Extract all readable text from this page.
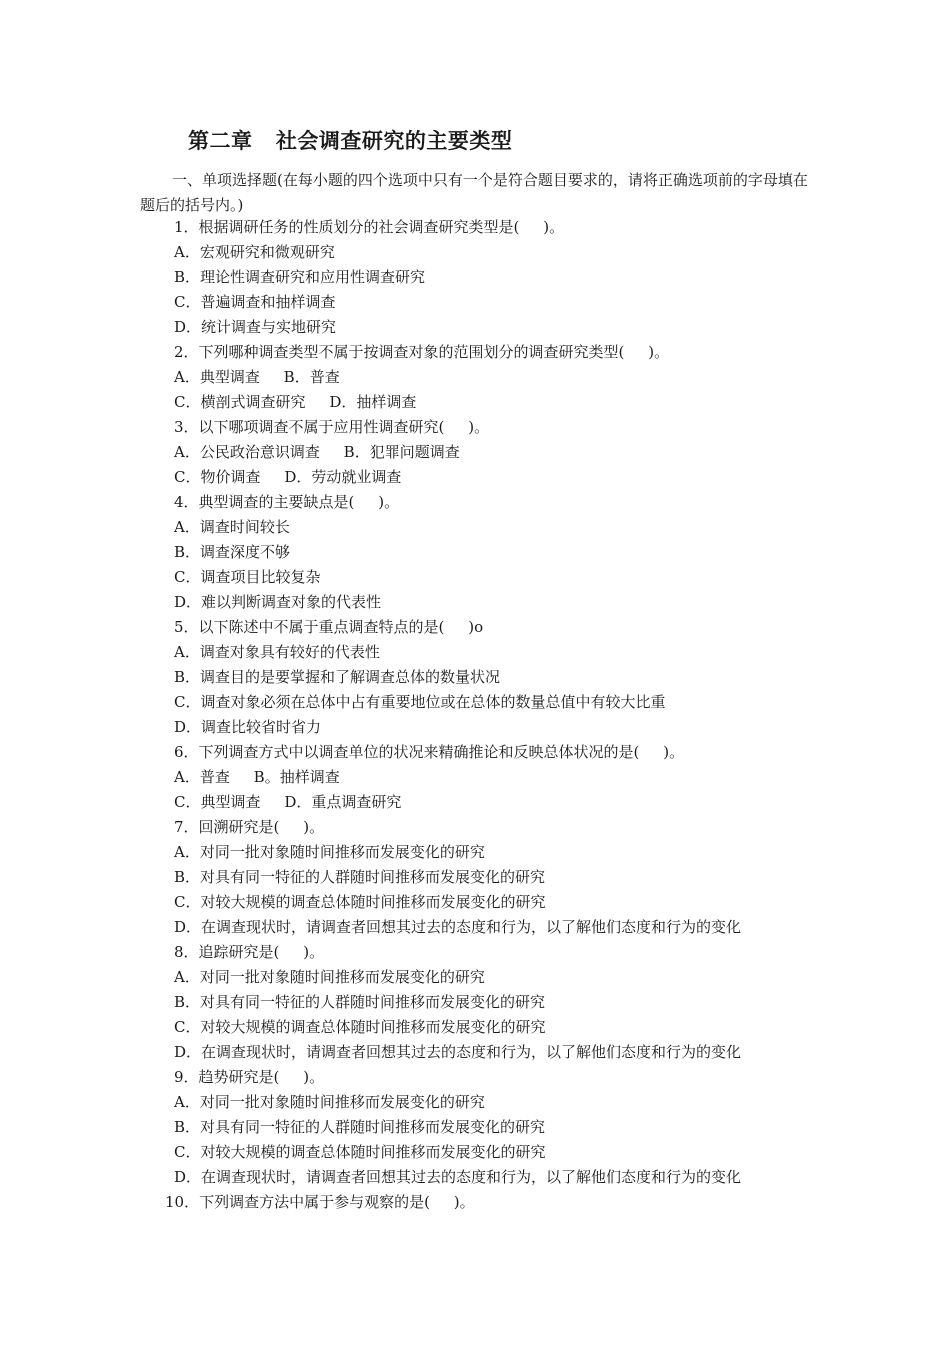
第二章   社会调查研究的主要类型
一、单项选择题(在每小题的四个选项中只有一个是符合题目要求的，请将正确选项前的字母填在题后的括号内。)
1．根据调研任务的性质划分的社会调查研究类型是(     )。
A．宏观研究和微观研究
B．理论性调查研究和应用性调查研究
C．普遍调查和抽样调查
D．统计调查与实地研究
2．下列哪种调查类型不属于按调查对象的范围划分的调查研究类型(     )。
A．典型调查     B．普查
C．横剖式调查研究     D．抽样调查
3．以下哪项调查不属于应用性调查研究(     )。
A．公民政治意识调查     B．犯罪问题调查
C．物价调查     D．劳动就业调查
4．典型调查的主要缺点是(     )。
A．调查时间较长
B．调查深度不够
C．调查项目比较复杂
D．难以判断调查对象的代表性
5．以下陈述中不属于重点调查特点的是(     )o
A．调查对象具有较好的代表性
B．调查目的是要掌握和了解调查总体的数量状况
C．调查对象必须在总体中占有重要地位或在总体的数量总值中有较大比重
D．调查比较省时省力
6．下列调查方式中以调查单位的状况来精确推论和反映总体状况的是(     )。
A．普查     B。抽样调查
C．典型调查     D．重点调查研究
7．回溯研究是(     )。
A．对同一批对象随时间推移而发展变化的研究
B．对具有同一特征的人群随时间推移而发展变化的研究
C．对较大规模的调查总体随时间推移而发展变化的研究
D．在调查现状时，请调查者回想其过去的态度和行为，以了解他们态度和行为的变化
8．追踪研究是(     )。
A．对同一批对象随时间推移而发展变化的研究
B．对具有同一特征的人群随时间推移而发展变化的研究
C．对较大规模的调查总体随时间推移而发展变化的研究
D．在调查现状时，请调查者回想其过去的态度和行为，以了解他们态度和行为的变化
9．趋势研究是(     )。
A．对同一批对象随时间推移而发展变化的研究
B．对具有同一特征的人群随时间推移而发展变化的研究
C．对较大规模的调查总体随时间推移而发展变化的研究
D．在调查现状时，请调查者回想其过去的态度和行为，以了解他们态度和行为的变化
10．下列调查方法中属于参与观察的是(     )。
